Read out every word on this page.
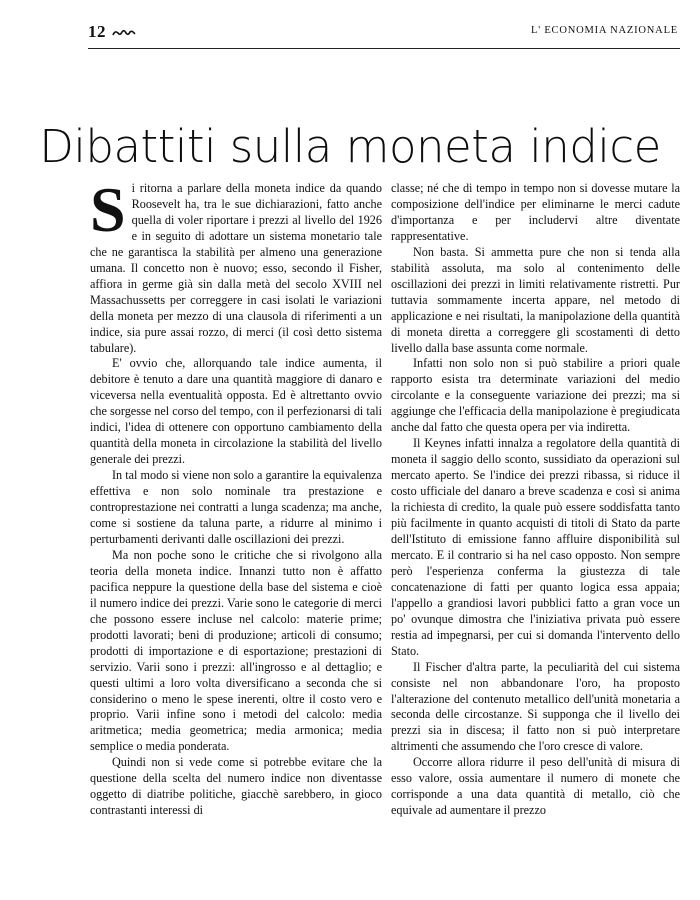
12	L' ECONOMIA NAZIONALE
Dibattiti sulla moneta indice

Si ritorna a parlare della moneta indice da quando Roosevelt ha, tra le sue dichiarazioni, fatto anche quella di voler riportare i prezzi al livello del 1926 e in seguito di adottare un sistema monetario tale che ne garantisca la stabilità per almeno una generazione umana. Il concetto non è nuovo; esso, secondo il Fisher, affiora in germe già sin dalla metà del secolo XVIII nel Massachussetts per correggere in casi isolati le variazioni della moneta per mezzo di una clausola di riferimenti a un indice, sia pure assai rozzo, di merci (il così detto sistema tabulare).

E' ovvio che, allorquando tale indice aumenta, il debitore è tenuto a dare una quantità maggiore di danaro e viceversa nella eventualità opposta. Ed è altrettanto ovvio che sorgesse nel corso del tempo, con il perfezionarsi di tali indici, l'idea di ottenere con opportuno cambiamento della quantità della moneta in circolazione la stabilità del livello generale dei prezzi.

In tal modo si viene non solo a garantire la equivalenza effettiva e non solo nominale tra prestazione e controprestazione nei contratti a lunga scadenza; ma anche, come si sostiene da taluna parte, a ridurre al minimo i perturbamenti derivanti dalle oscillazioni dei prezzi.

Ma non poche sono le critiche che si rivolgono alla teoria della moneta indice. Innanzi tutto non è affatto pacifica neppure la questione della base del sistema e cioè il numero indice dei prezzi. Varie sono le categorie di merci che possono essere incluse nel calcolo: materie prime; prodotti lavorati; beni di produzione; articoli di consumo; prodotti di importazione e di esportazione; prestazioni di servizio. Varii sono i prezzi: all'ingrosso e al dettaglio; e questi ultimi a loro volta diversificano a seconda che si considerino o meno le spese inerenti, oltre il costo vero e proprio. Varii infine sono i metodi del calcolo: media aritmetica; media geometrica; media armonica; media semplice o media ponderata.

Quindi non si vede come si potrebbe evitare che la questione della scelta del numero indice non diventasse oggetto di diatribe politiche, giacchè sarebbero, in gioco contrastanti interessi di

classe; né che di tempo in tempo non si dovesse mutare la composizione dell'indice per eliminarne le merci cadute d'importanza e per includervi altre diventate rappresentative.

Non basta. Si ammetta pure che non si tenda alla stabilità assoluta, ma solo al contenimento delle oscillazioni dei prezzi in limiti relativamente ristretti. Pur tuttavia sommamente incerta appare, nel metodo di applicazione e nei risultati, la manipolazione della quantità di moneta diretta a correggere gli scostamenti di detto livello dalla base assunta come normale.

Infatti non solo non si può stabilire a priori quale rapporto esista tra determinate variazioni del medio circolante e la conseguente variazione dei prezzi; ma si aggiunge che l'efficacia della manipolazione è pregiudicata anche dal fatto che questa opera per via indiretta.

Il Keynes infatti innalza a regolatore della quantità di moneta il saggio dello sconto, sussidiato da operazioni sul mercato aperto. Se l'indice dei prezzi ribassa, si riduce il costo ufficiale del danaro a breve scadenza e così si anima la richiesta di credito, la quale può essere soddisfatta tanto più facilmente in quanto acquisti di titoli di Stato da parte dell'Istituto di emissione fanno affluire disponibilità sul mercato. E il contrario si ha nel caso opposto. Non sempre però l'esperienza conferma la giustezza di tale concatenazione di fatti per quanto logica essa appaia; l'appello a grandiosi lavori pubblici fatto a gran voce un po' ovunque dimostra che l'iniziativa privata può essere restia ad impegnarsi, per cui si domanda l'intervento dello Stato.

Il Fischer d'altra parte, la peculiarità del cui sistema consiste nel non abbandonare l'oro, ha proposto l'alterazione del contenuto metallico dell'unità monetaria a seconda delle circostanze. Si supponga che il livello dei prezzi sia in discesa; il fatto non si può interpretare altrimenti che assumendo che l'oro cresce di valore.

Occorre allora ridurre il peso dell'unità di misura di esso valore, ossia aumentare il numero di monete che corrisponde a una data quantità di metallo, ciò che equivale ad aumentare il prezzo
